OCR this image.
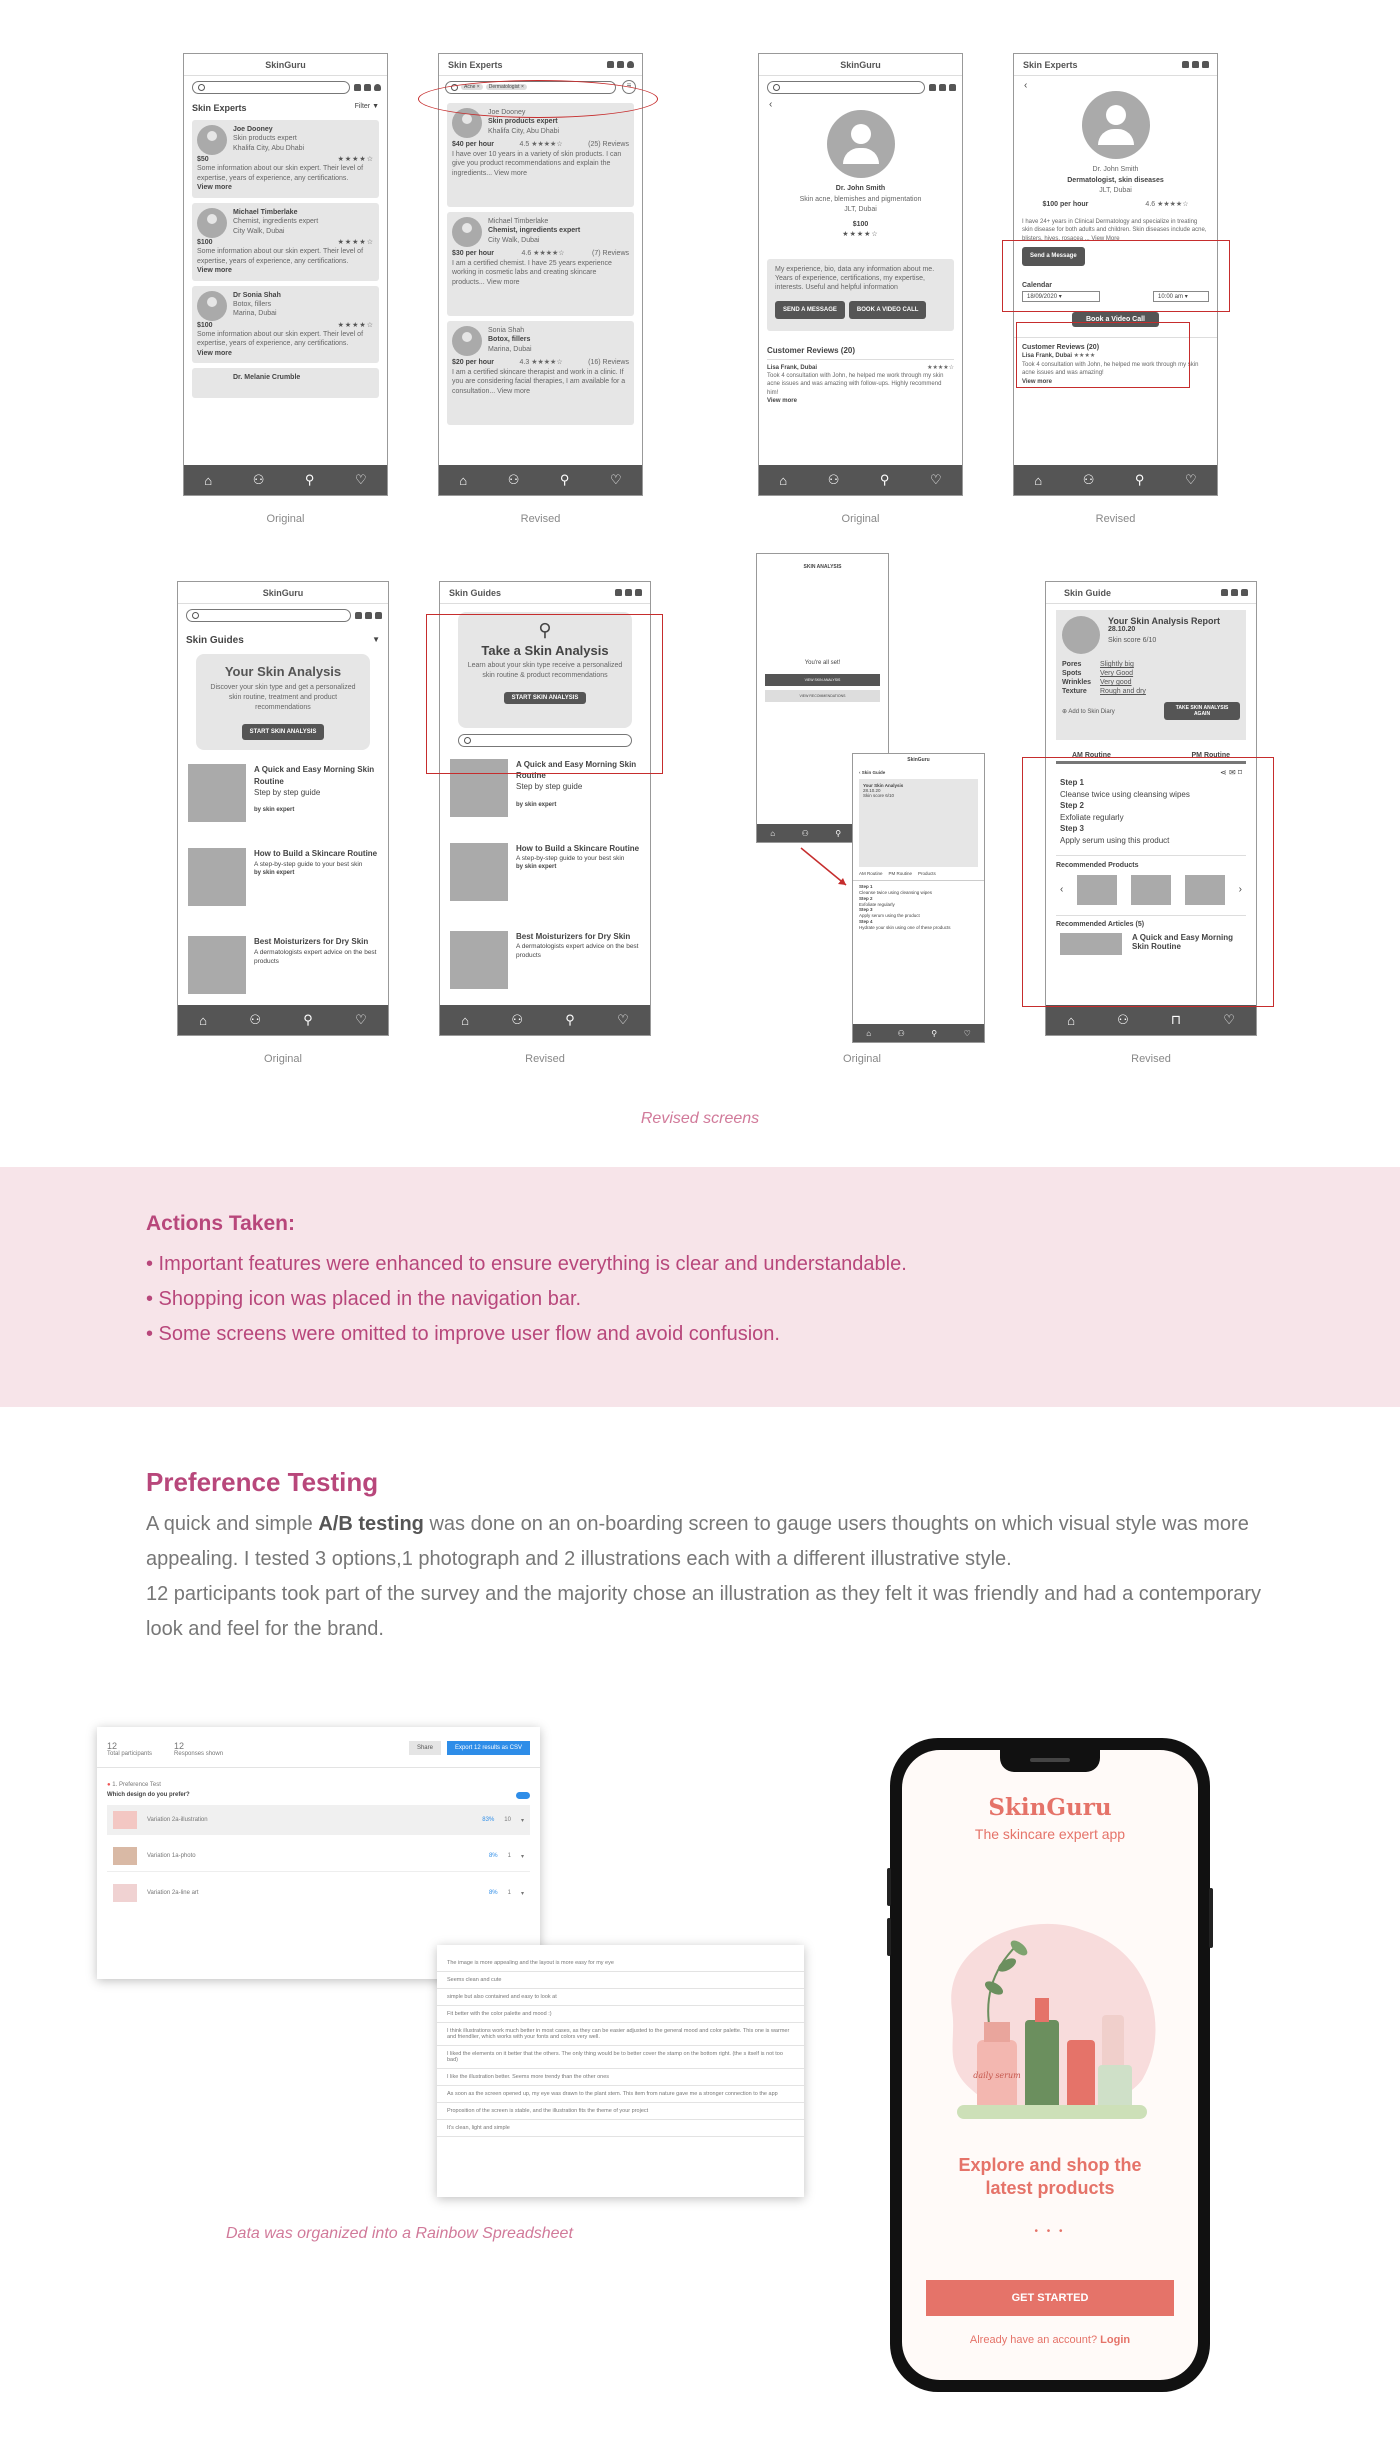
SkinGuru
Skin Experts	Filter ▼
Joe Dooney
Skin products expert
Khalifa City, Abu Dhabi
$50	★★★★☆
Some information about our skin expert. Their level of expertise, years of experience, any certifications.
View more
Michael Timberlake
Chemist, ingredients expert
City Walk, Dubai
$100	★★★★☆
Some information about our skin expert. Their level of expertise, years of experience, any certifications.
View more
Dr Sonia Shah
Botox, fillers
Marina, Dubai
$100	★★★★☆
Some information about our skin expert. Their level of expertise, years of experience, any certifications.
View more
Dr. Melanie Crumble
⌂	⚇	⚲	♡
Skin Experts
Acne ×	Dermatologist ×	≡
Joe Dooney
Skin products expert
Khalifa City, Abu Dhabi
$40 per hour	4.5 ★★★★☆	(25) Reviews
I have over 10 years in a variety of skin products. I can give you product recommendations and explain the ingredients... View more
Michael Timberlake
Chemist, ingredients expert
City Walk, Dubai
$30 per hour	4.6 ★★★★☆	(7) Reviews
I am a certified chemist. I have 25 years experience working in cosmetic labs and creating skincare products... View more
Sonia Shah
Botox, fillers
Marina, Dubai
$20 per hour	4.3 ★★★★☆	(16) Reviews
I am a certified skincare therapist and work in a clinic. If you are considering facial therapies, I am available for a consultation... View more
⌂	⚇	⚲	♡
SkinGuru
‹
Dr. John Smith
Skin acne, blemishes and pigmentation
JLT, Dubai
$100
★★★★☆
My experience, bio, data any information about me. Years of experience, certifications, my expertise, interests. Useful and helpful information
SEND A MESSAGE	BOOK A VIDEO CALL
Customer Reviews (20)
Lisa Frank, Dubai	★★★★☆
Took 4 consultation with John, he helped me work through my skin acne issues and was amazing with follow-ups. Highly recommend him!
View more
⌂	⚇	⚲	♡
Skin Experts
‹
Dr. John Smith
Dermatologist, skin diseases
JLT, Dubai
$100 per hour	4.6 ★★★★☆
I have 24+ years in Clinical Dermatology and specialize in treating skin disease for both adults and children. Skin diseases include acne, blisters, hives, rosacea ... View More
Send a Message
Calendar
18/09/2020 ▾	10:00 am ▾
Book a Video Call
Customer Reviews (20)
Lisa Frank, Dubai ★★★★
Took 4 consultation with John, he helped me work through my skin acne issues and was amazing!
View more
⌂	⚇	⚲	♡
Original	Revised	Original	Revised
SkinGuru
Skin Guides	▼
Your Skin Analysis
Discover your skin type and get a personalized skin routine, treatment and product recommendations
START SKIN ANALYSIS
A Quick and Easy Morning Skin Routine
Step by step guide
by skin expert
How to Build a Skincare Routine
A step-by-step guide to your best skin
by skin expert
Best Moisturizers for Dry Skin
A dermatologists expert advice on the best products
⌂	⚇	⚲	♡
Skin Guides
⚲
Take a Skin Analysis
Learn about your skin type receive a personalized skin routine & product recommendations
START SKIN ANALYSIS
A Quick and Easy Morning Skin Routine
Step by step guide
by skin expert
How to Build a Skincare Routine
A step-by-step guide to your best skin
by skin expert
Best Moisturizers for Dry Skin
A dermatologists expert advice on the best products
⌂	⚇	⚲	♡
SKIN ANALYSIS
You're all set!
VIEW SKIN ANALYSIS
VIEW RECOMMENDATIONS
⌂	⚇	⚲
SkinGuru
‹ Skin Guide
Your Skin Analysis
28.10.20
Skin score 6/10
AM Routine PM Routine Products
Step 1
Cleanse twice using cleansing wipes
Step 2
Exfoliate regularly
Step 3
Apply serum using the product
Step 4
Hydrate your skin using one of these products
⌂	⚇	⚲	♡
Skin Guide
Your Skin Analysis Report
28.10.20
Skin score 6/10
Pores	Slightly big
Spots	Very Good
Wrinkles Very good
Texture Rough and dry
⊕ Add to Skin Diary
TAKE SKIN ANALYSIS AGAIN
AM Routine	PM Routine
⋖ ✉ ⌑
Step 1
Cleanse twice using cleansing wipes
Step 2
Exfoliate regularly
Step 3
Apply serum using this product
Recommended Products
‹	›
Recommended Articles (5)
A Quick and Easy Morning Skin Routine
⌂	⚇	⊓	♡
Original	Revised	Original	Revised
Revised screens
Actions Taken:
• Important features were enhanced to ensure everything is clear and understandable.
• Shopping icon was placed in the navigation bar.
• Some screens were omitted to improve user flow and avoid confusion.
Preference Testing
A quick and simple A/B testing was done on an on-boarding screen to gauge users thoughts on which visual style was more appealing. I tested 3 options,1 photograph and 2 illustrations each with a different illustrative style.
12 participants took part of the survey and the majority chose an illustration as they felt it was friendly and had a contemporary look and feel for the brand.
12
Total participants
12
Responses shown
Share	Export 12 results as CSV
● 1. Preference Test
Which design do you prefer?
Variation 2a-illustration	83% 10 ▾
Variation 1a-photo	8% 1 ▾
Variation 2a-line art	8% 1 ▾
The image is more appealing and the layout is more easy for my eye
Seems clean and cute
simple but also contained and easy to look at
Fit better with the color palette and mood :)
I think illustrations work much better in most cases, as they can be easier adjusted to the general mood and color palette. This one is warmer and friendlier, which works with your fonts and colors very well.
I liked the elements on it better that the others. The only thing would be to better cover the stamp on the bottom right. (the s itself is not too bad)
I like the illustration better. Seems more trendy than the other ones
As soon as the screen opened up, my eye was drawn to the plant stem. This item from nature gave me a stronger connection to the app
Proposition of the screen is stable, and the illustration fits the theme of your project
It's clean, light and simple
Data was organized into a Rainbow Spreadsheet
SkinGuru
The skincare expert app
daily serum
Explore and shop the latest products
• • •
GET STARTED
Already have an account? Login
